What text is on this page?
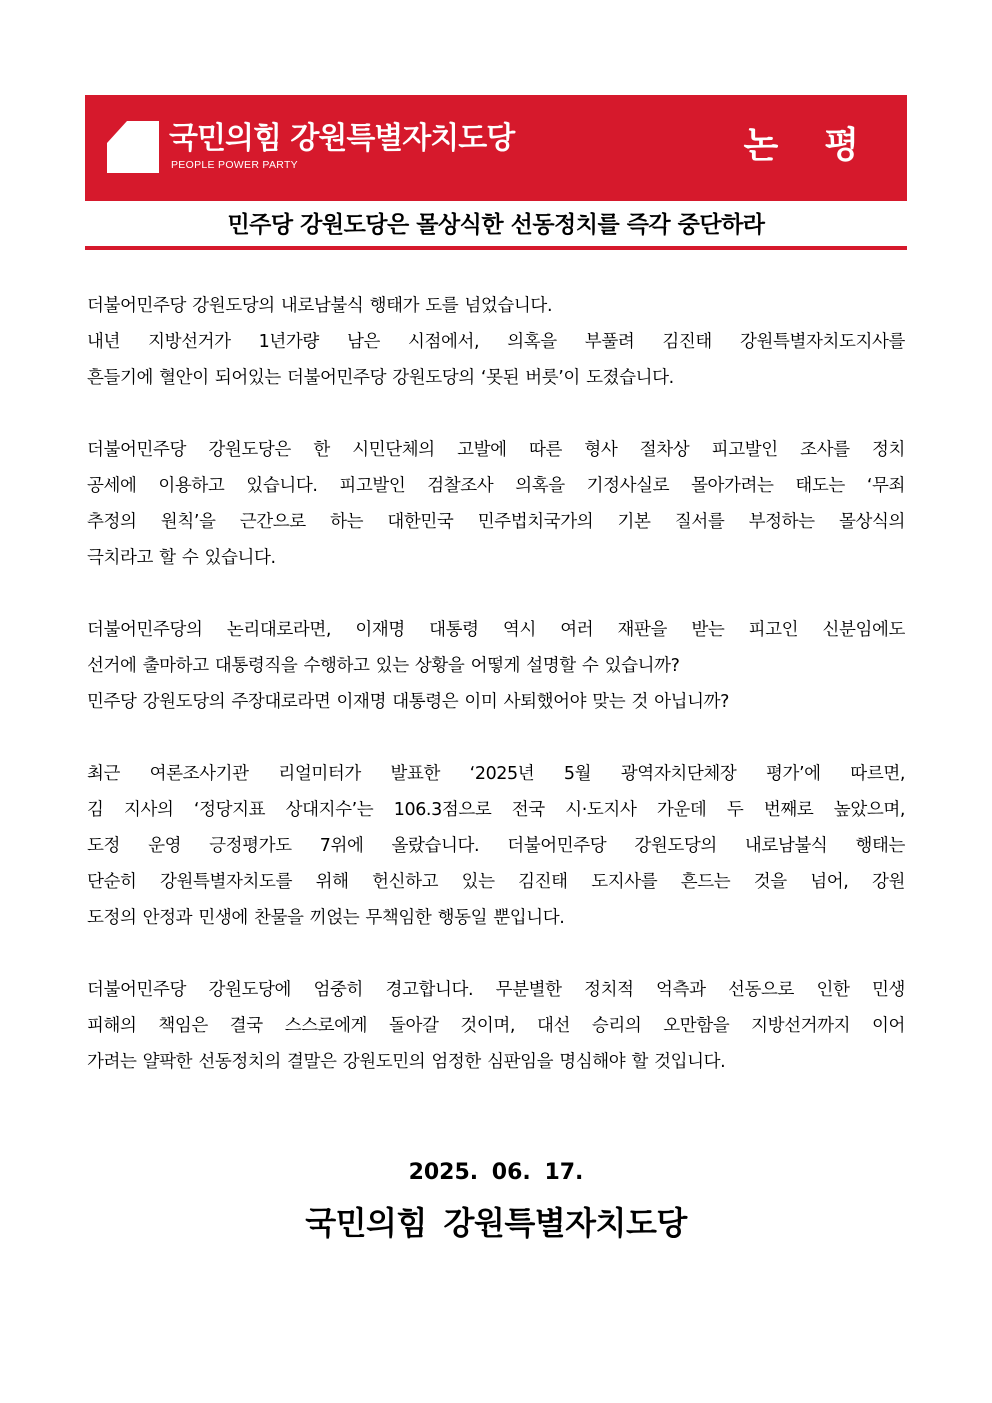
국민의힘 강원특별자치도당
PEOPLE POWER PARTY	논평
민주당 강원도당은 몰상식한 선동정치를 즉각 중단하라

더불어민주당 강원도당의 내로남불식 행태가 도를 넘었습니다.
내년 지방선거가 1년가량 남은 시점에서, 의혹을 부풀려 김진태 강원특별자치도지사를
흔들기에 혈안이 되어있는 더불어민주당 강원도당의 ‘못된 버릇’이 도졌습니다.

더불어민주당 강원도당은 한 시민단체의 고발에 따른 형사 절차상 피고발인 조사를 정치
공세에 이용하고 있습니다. 피고발인 검찰조사 의혹을 기정사실로 몰아가려는 태도는 ‘무죄
추정의 원칙’을 근간으로 하는 대한민국 민주법치국가의 기본 질서를 부정하는 몰상식의
극치라고 할 수 있습니다.

더불어민주당의 논리대로라면, 이재명 대통령 역시 여러 재판을 받는 피고인 신분임에도
선거에 출마하고 대통령직을 수행하고 있는 상황을 어떻게 설명할 수 있습니까?
민주당 강원도당의 주장대로라면 이재명 대통령은 이미 사퇴했어야 맞는 것 아닙니까?

최근 여론조사기관 리얼미터가 발표한 ‘2025년 5월 광역자치단체장 평가’에 따르면,
김 지사의 ‘정당지표 상대지수’는 106.3점으로 전국 시·도지사 가운데 두 번째로 높았으며,
도정 운영 긍정평가도 7위에 올랐습니다. 더불어민주당 강원도당의 내로남불식 행태는
단순히 강원특별자치도를 위해 헌신하고 있는 김진태 도지사를 흔드는 것을 넘어, 강원
도정의 안정과 민생에 찬물을 끼얹는 무책임한 행동일 뿐입니다.

더불어민주당 강원도당에 엄중히 경고합니다. 무분별한 정치적 억측과 선동으로 인한 민생
피해의 책임은 결국 스스로에게 돌아갈 것이며, 대선 승리의 오만함을 지방선거까지 이어
가려는 얄팍한 선동정치의 결말은 강원도민의 엄정한 심판임을 명심해야 할 것입니다.

2025. 06. 17.
국민의힘 강원특별자치도당
